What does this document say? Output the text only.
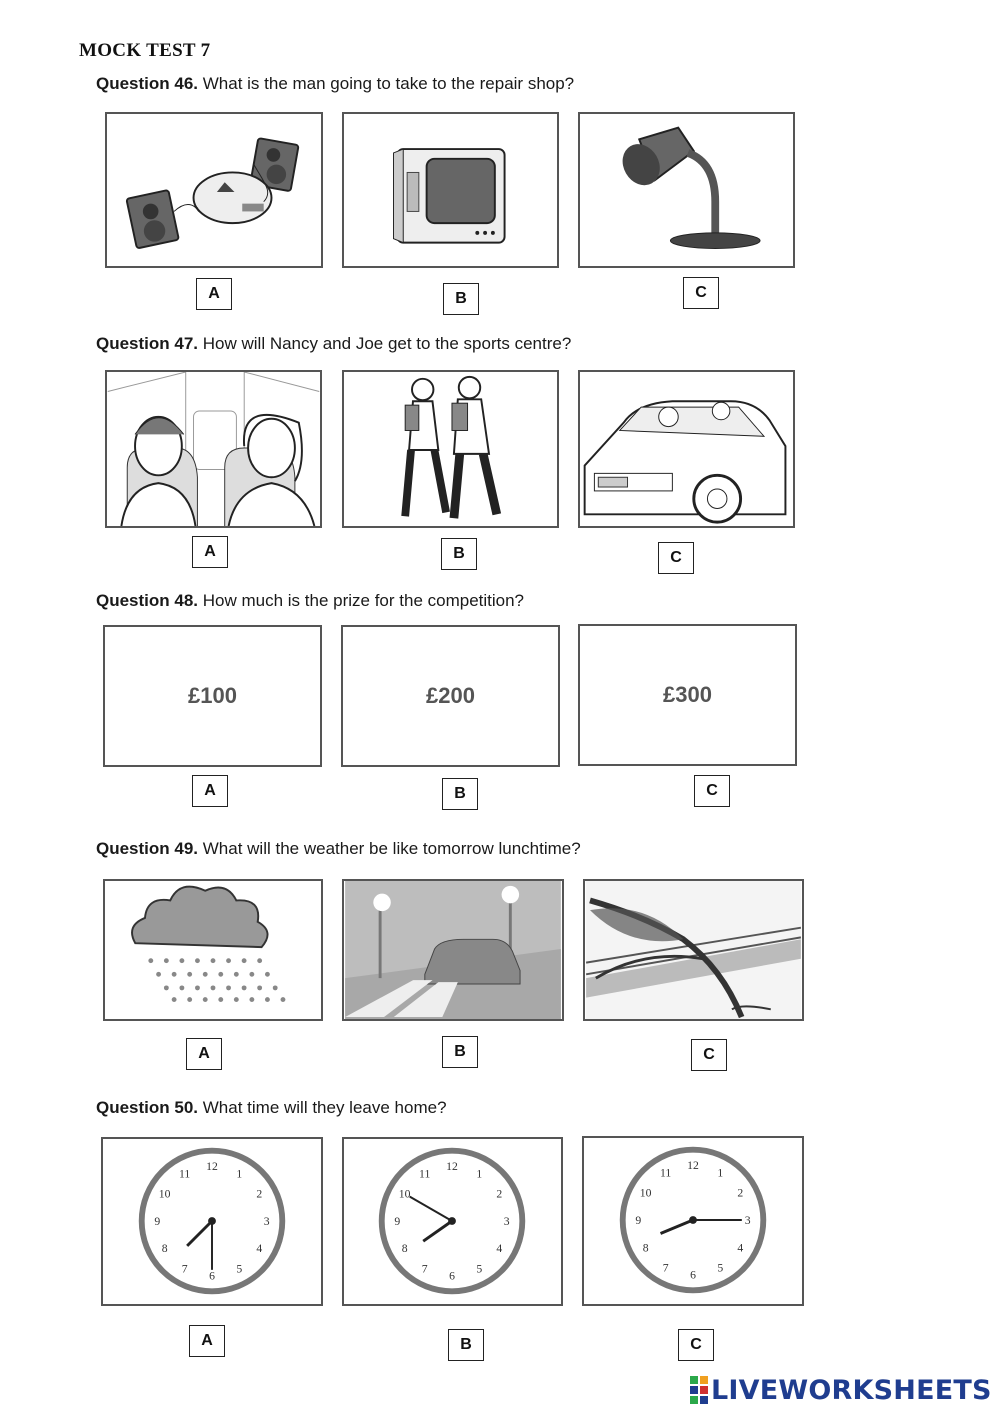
MOCK TEST 7
Question 46. What is the man going to take to the repair shop?
A	B	C
Question 47. How will Nancy and Joe get to the sports centre?
A	B	C
Question 48. How much is the prize for the competition?
£100	£200	£300
A	B	C
Question 49. What will the weather be like tomorrow lunchtime?
A	B	C
Question 50. What time will they leave home?
12
1
2
3
4
5
6
7
8
9
10
11
12
1
2
3
4
5
6
7
8
9
10
11
12
1
2
3
4
5
6
7
8
9
10
11
A	B	C
LIVEWORKSHEETS
